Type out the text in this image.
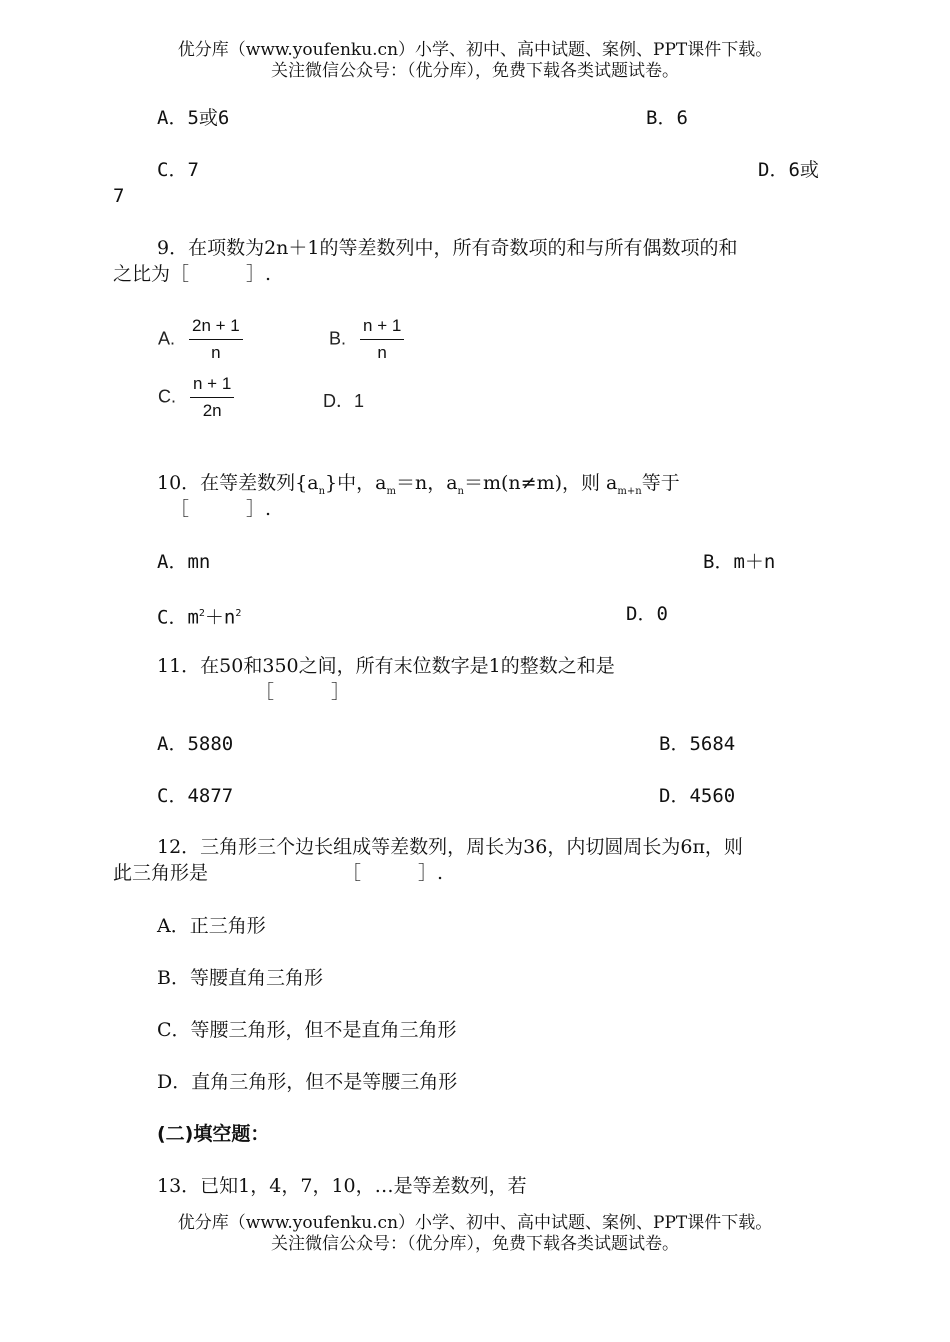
优分库（www.youfenku.cn）小学、初中、高中试题、案例、PPT课件下载。
关注微信公众号：（优分库），免费下载各类试题试卷。
A．5或6	B．6
C．7	D．6或
7
9．在项数为2n＋1的等差数列中，所有奇数项的和与所有偶数项的和
之比为［　　　］.
A. $\frac{2n + 1}{n}$	B. $\frac{n + 1}{n}$
C. $\frac{n + 1}{2n}$	D．1
10．在等差数列$\{a_n\}$中，$a_m=n$，$a_n=m(n\ne m)$，则 $a_{m+n}$等于
［　　　］.
A．mn	B．m＋n
C．$m^2+n^2$	D．0
11．在50和350之间，所有末位数字是1的整数之和是
［　　　］
A．5880	B．5684
C．4877	D．4560
12．三角形三个边长组成等差数列，周长为36，内切圆周长为6π，则
此三角形是	［　　　］.
A．正三角形
B．等腰直角三角形
C．等腰三角形，但不是直角三角形
D．直角三角形，但不是等腰三角形
(二)填空题：
13．已知1，4，7，10，…是等差数列，若
优分库（www.youfenku.cn）小学、初中、高中试题、案例、PPT课件下载。
关注微信公众号：（优分库），免费下载各类试题试卷。
